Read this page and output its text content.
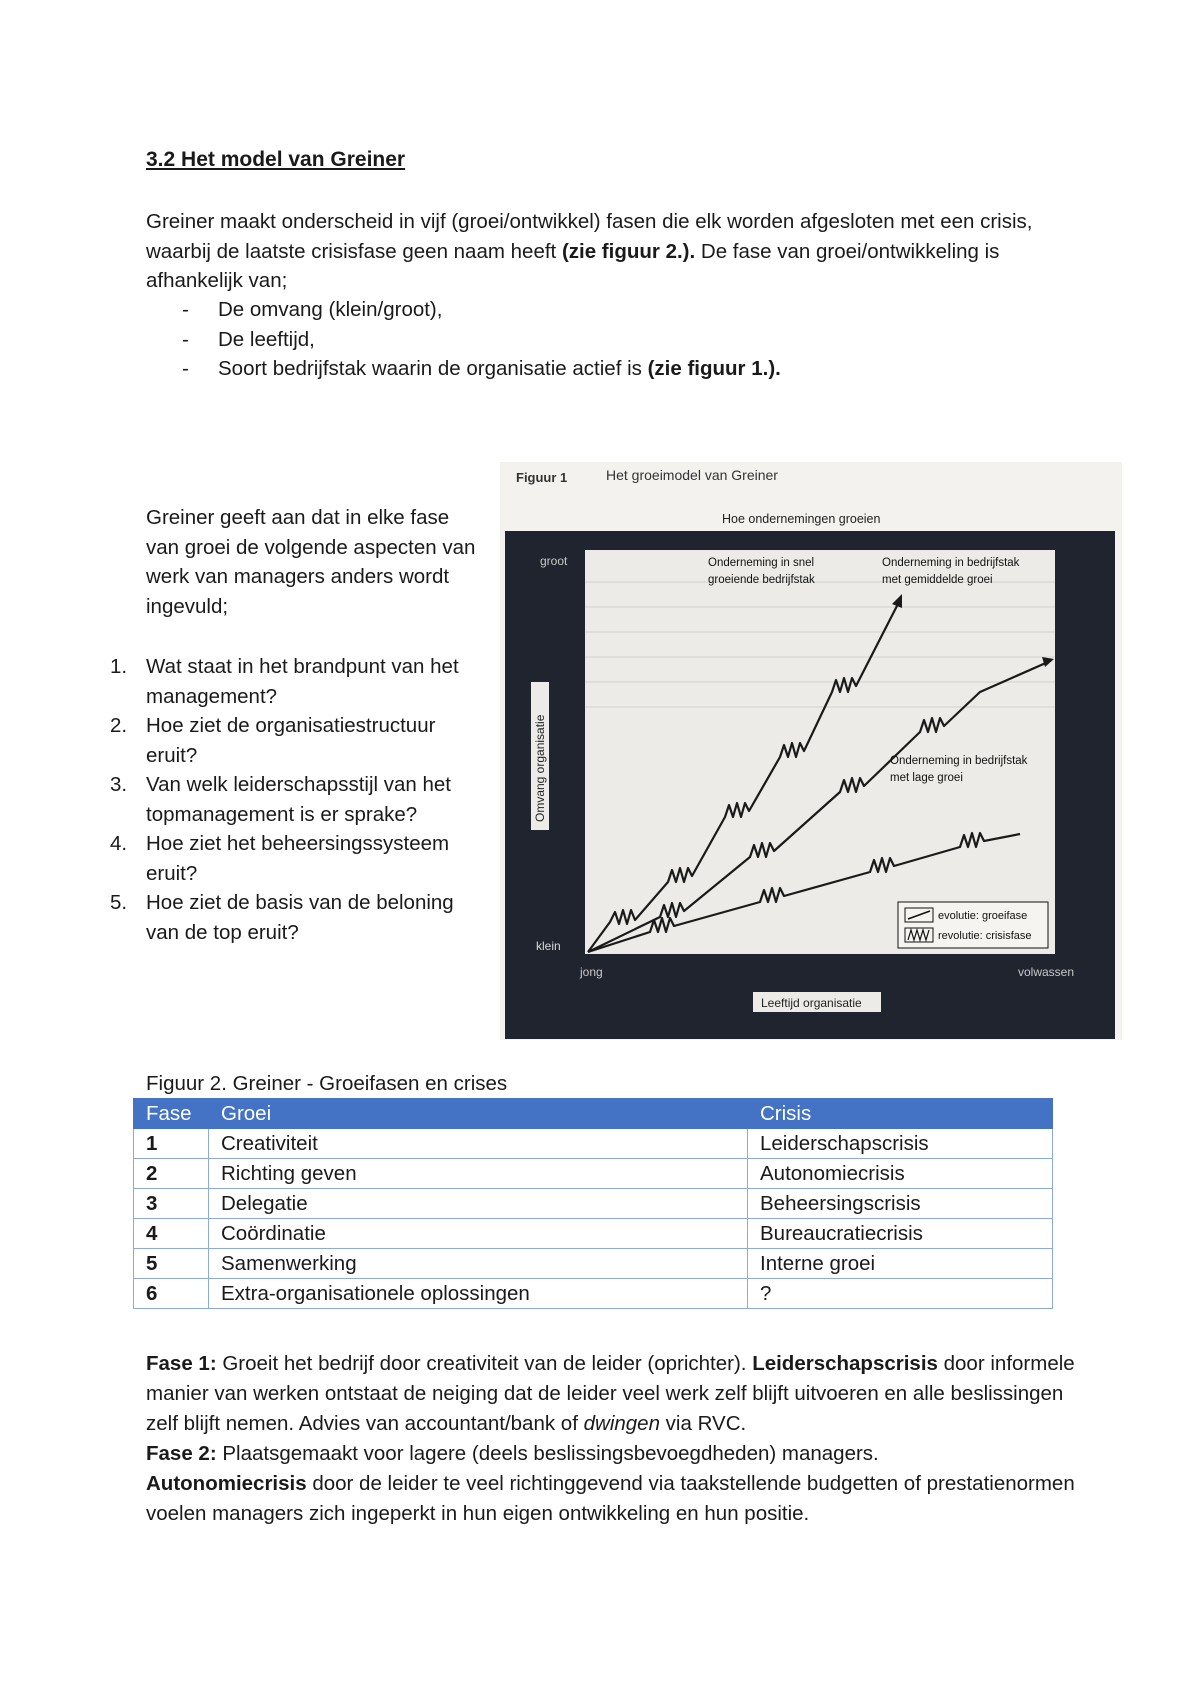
3.2 Het model van Greiner

Greiner maakt onderscheid in vijf (groei/ontwikkel) fasen die elk worden afgesloten met een crisis, waarbij de laatste crisisfase geen naam heeft (zie figuur 2.). De fase van groei/ontwikkeling is afhankelijk van;

-	De omvang (klein/groot),
-	De leeftijd,
-	Soort bedrijfstak waarin de organisatie actief is (zie figuur 1.).

Greiner geeft aan dat in elke fase van groei de volgende aspecten van werk van managers anders wordt ingevuld;

1. Wat staat in het brandpunt van het management?
2. Hoe ziet de organisatiestructuur eruit?
3. Van welk leiderschapsstijl van het topmanagement is er sprake?
4. Hoe ziet het beheersingssysteem eruit?
5. Hoe ziet de basis van de beloning van de top eruit?
Figuur 1	Het groeimodel van Greiner
Hoe ondernemingen groeien
groot
klein
jong	volwassen
Omvang organisatie
Leeftijd organisatie
Onderneming in snel
groeiende bedrijfstak
Onderneming in bedrijfstak
met gemiddelde groei
Onderneming in bedrijfstak
met lage groei
evolutie: groeifase
revolutie: crisisfase
Figuur 2. Greiner - Groeifasen en crises
Fase	Groei	Crisis
1	Creativiteit	Leiderschapscrisis
2	Richting geven	Autonomiecrisis
3	Delegatie	Beheersingscrisis
4	Coördinatie	Bureaucratiecrisis
5	Samenwerking	Interne groei
6	Extra-organisationele oplossingen	?

Fase 1: Groeit het bedrijf door creativiteit van de leider (oprichter). Leiderschapscrisis door informele manier van werken ontstaat de neiging dat de leider veel werk zelf blijft uitvoeren en alle beslissingen zelf blijft nemen. Advies van accountant/bank of dwingen via RVC.
Fase 2: Plaatsgemaakt voor lagere (deels beslissingsbevoegdheden) managers.
Autonomiecrisis door de leider te veel richtinggevend via taakstellende budgetten of prestatienormen voelen managers zich ingeperkt in hun eigen ontwikkeling en hun positie.
